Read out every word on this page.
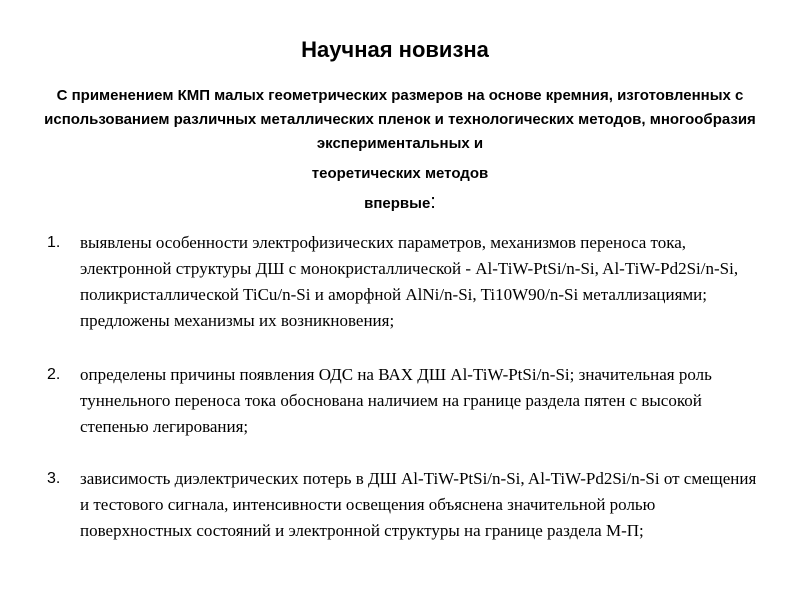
Научная новизна
С применением КМП малых геометрических размеров на основе кремния, изготовленных с использованием различных металлических пленок и технологических методов, многообразия экспериментальных и
теоретических методов
впервые:
1. выявлены особенности электрофизических параметров, механизмов переноса тока, электронной структуры ДШ с монокристаллической - Al-TiW-PtSi/n-Si, Al-TiW-Pd2Si/n-Si, поликристаллической TiCu/n-Si и аморфной AlNi/n-Si, Ti10W90/n-Si металлизациями; предложены механизмы их возникновения;
2. определены причины появления ОДС на ВАХ ДШ Al-TiW-PtSi/n-Si; значительная роль туннельного переноса тока обоснована наличием на границе раздела пятен с высокой степенью легирования;
3. зависимость диэлектрических потерь в ДШ Al-TiW-PtSi/n-Si, Al-TiW-Pd2Si/n-Si от смещения и тестового сигнала, интенсивности освещения объяснена значительной ролью поверхностных состояний и электронной структуры на границе раздела М-П;
